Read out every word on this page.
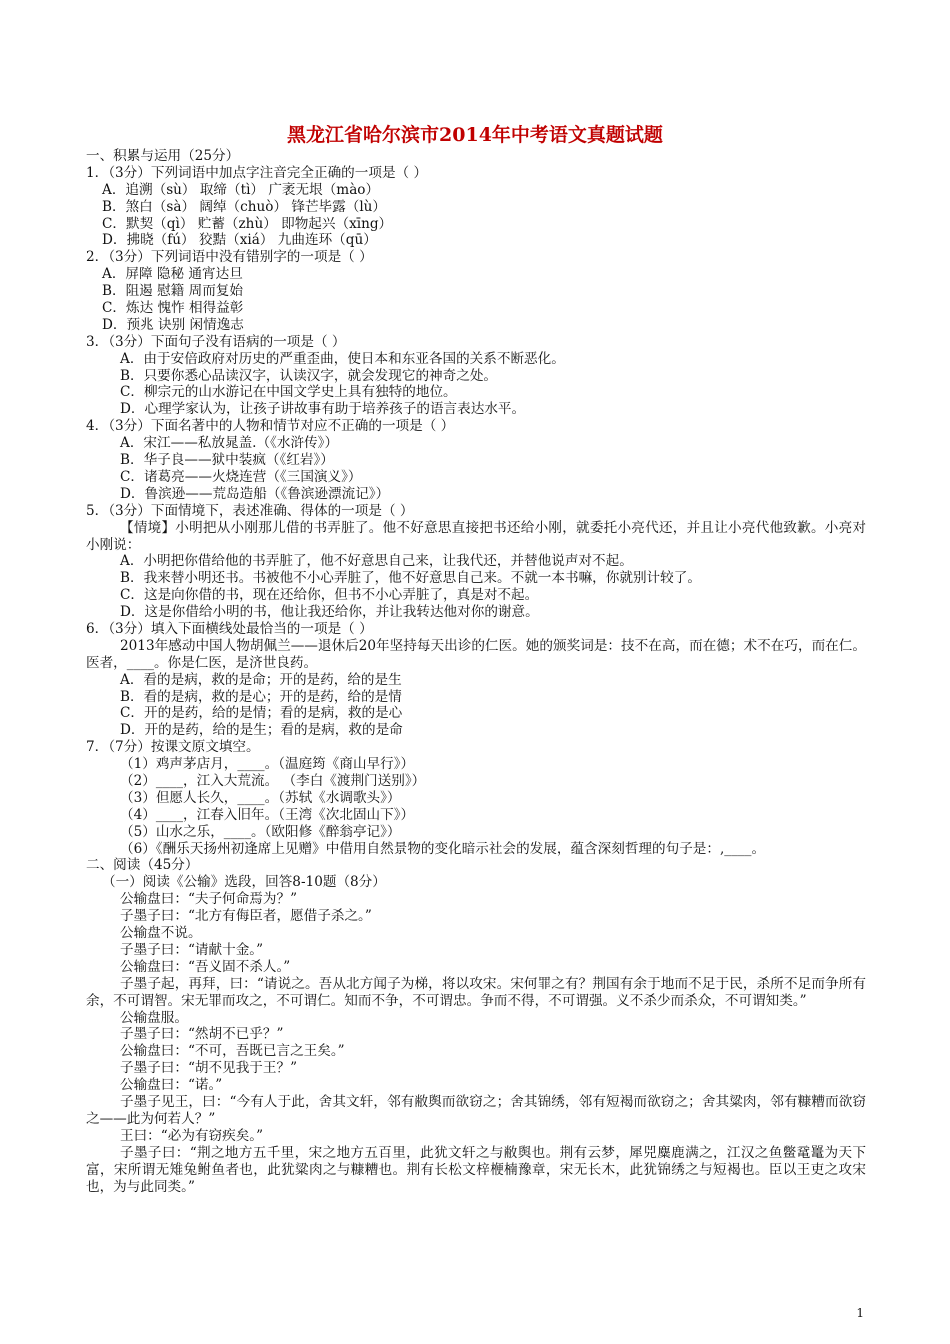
黑龙江省哈尔滨市2014年中考语文真题试题
一、积累与运用（25分）
1．（3分）下列词语中加点字注音完全正确的一项是（ ）
A．追溯（sù） 取缔（tì） 广袤无垠（mào）
B．煞白（sà） 阔绰（chuò） 锋芒毕露（lù）
C．默契（qì） 贮蓄（zhù） 即物起兴（xīng）
D．拂晓（fú） 狡黠（xiá） 九曲连环（qū）
2．（3分）下列词语中没有错别字的一项是（ ）
A．屏障 隐秘 通宵达旦
B．阻遏 慰籍 周而复始
C．炼达 愧怍 相得益彰
D．预兆 诀别 闲情逸志
3．（3分）下面句子没有语病的一项是（ ）
A．由于安倍政府对历史的严重歪曲，使日本和东亚各国的关系不断恶化。
B．只要你悉心品读汉字，认读汉字，就会发现它的神奇之处。
C．柳宗元的山水游记在中国文学史上具有独特的地位。
D．心理学家认为，让孩子讲故事有助于培养孩子的语言表达水平。
4．（3分）下面名著中的人物和情节对应不正确的一项是（ ）
A．宋江——私放晁盖.（《水浒传》）
B．华子良——狱中装疯（《红岩》）
C．诸葛亮——火烧连营（《三国演义》）
D．鲁滨逊——荒岛造船（《鲁滨逊漂流记》）
5．（3分）下面情境下，表述准确、得体的一项是（ ）
【情境】小明把从小刚那儿借的书弄脏了。他不好意思直接把书还给小刚，就委托小亮代还，并且让小亮代他致歉。小亮对小刚说：
A．小明把你借给他的书弄脏了，他不好意思自己来，让我代还，并替他说声对不起。
B．我来替小明还书。书被他不小心弄脏了，他不好意思自己来。不就一本书嘛，你就别计较了。
C．这是向你借的书，现在还给你，但书不小心弄脏了，真是对不起。
D．这是你借给小明的书，他让我还给你，并让我转达他对你的谢意。
6．（3分）填入下面横线处最恰当的一项是（ ）
2013年感动中国人物胡佩兰——退休后20年坚持每天出诊的仁医。她的颁奖词是：技不在高，而在德；术不在巧，而在仁。医者，____。你是仁医，是济世良药。
A．看的是病，救的是命；开的是药，给的是生
B．看的是病，救的是心；开的是药，给的是情
C．开的是药，给的是情；看的是病，救的是心
D．开的是药，给的是生；看的是病，救的是命
7．（7分）按课文原文填空。
（1）鸡声茅店月，____。（温庭筠《商山早行》）
（2）____，江入大荒流。 （李白《渡荆门送别》）
（3）但愿人长久，____。（苏轼《水调歌头》）
（4）____，江春入旧年。（王湾《次北固山下》）
（5）山水之乐，____。（欧阳修《醉翁亭记》）
（6）《酬乐天扬州初逢席上见赠》中借用自然景物的变化暗示社会的发展，蕴含深刻哲理的句子是：,____。
二、阅读（45分）
（一）阅读《公输》选段，回答8-10题（8分）
公输盘曰：“夫子何命焉为？”
子墨子曰：“北方有侮臣者，愿借子杀之。”
公输盘不说。
子墨子曰：“请献十金。”
公输盘曰：“吾义固不杀人。”
子墨子起，再拜，曰：“请说之。吾从北方闻子为梯，将以攻宋。宋何罪之有？荆国有余于地而不足于民，杀所不足而争所有余，不可谓智。宋无罪而攻之，不可谓仁。知而不争，不可谓忠。争而不得，不可谓强。义不杀少而杀众，不可谓知类。”
公输盘服。
子墨子曰：“然胡不已乎？”
公输盘曰：“不可，吾既已言之王矣。”
子墨子曰：“胡不见我于王？”
公输盘曰：“诺。”
子墨子见王，曰：“今有人于此，舍其文轩，邻有敝舆而欲窃之；舍其锦绣，邻有短褐而欲窃之；舍其粱肉，邻有糠糟而欲窃之——此为何若人？”
王曰：“必为有窃疾矣。”
子墨子曰：“荆之地方五千里，宋之地方五百里，此犹文轩之与敝舆也。荆有云梦，犀兕麋鹿满之，江汉之鱼鳖鼋鼍为天下富，宋所谓无雉兔鲋鱼者也，此犹粱肉之与糠糟也。荆有长松文梓楩楠豫章，宋无长木，此犹锦绣之与短褐也。臣以王吏之攻宋也，为与此同类。”
1
